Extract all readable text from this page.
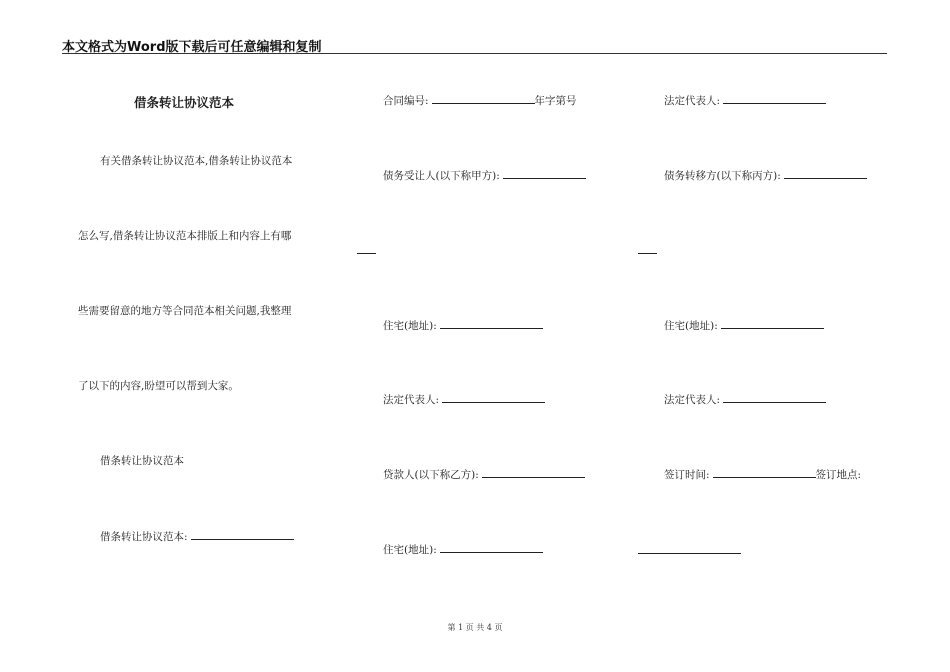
本文格式为Word版下载后可任意编辑和复制
借条转让协议范本
有关借条转让协议范本,借条转让协议范本
怎么写,借条转让协议范本排版上和内容上有哪
些需要留意的地方等合同范本相关问题,我整理
了以下的内容,盼望可以帮到大家。
借条转让协议范本
借条转让协议范本:
合同编号:	年字第号
债务受让人(以下称甲方):
住宅(地址):
法定代表人:
贷款人(以下称乙方):
住宅(地址):
法定代表人:
债务转移方(以下称丙方):
住宅(地址):
法定代表人:
签订时间:	签订地点:
第 1 页 共 4 页
